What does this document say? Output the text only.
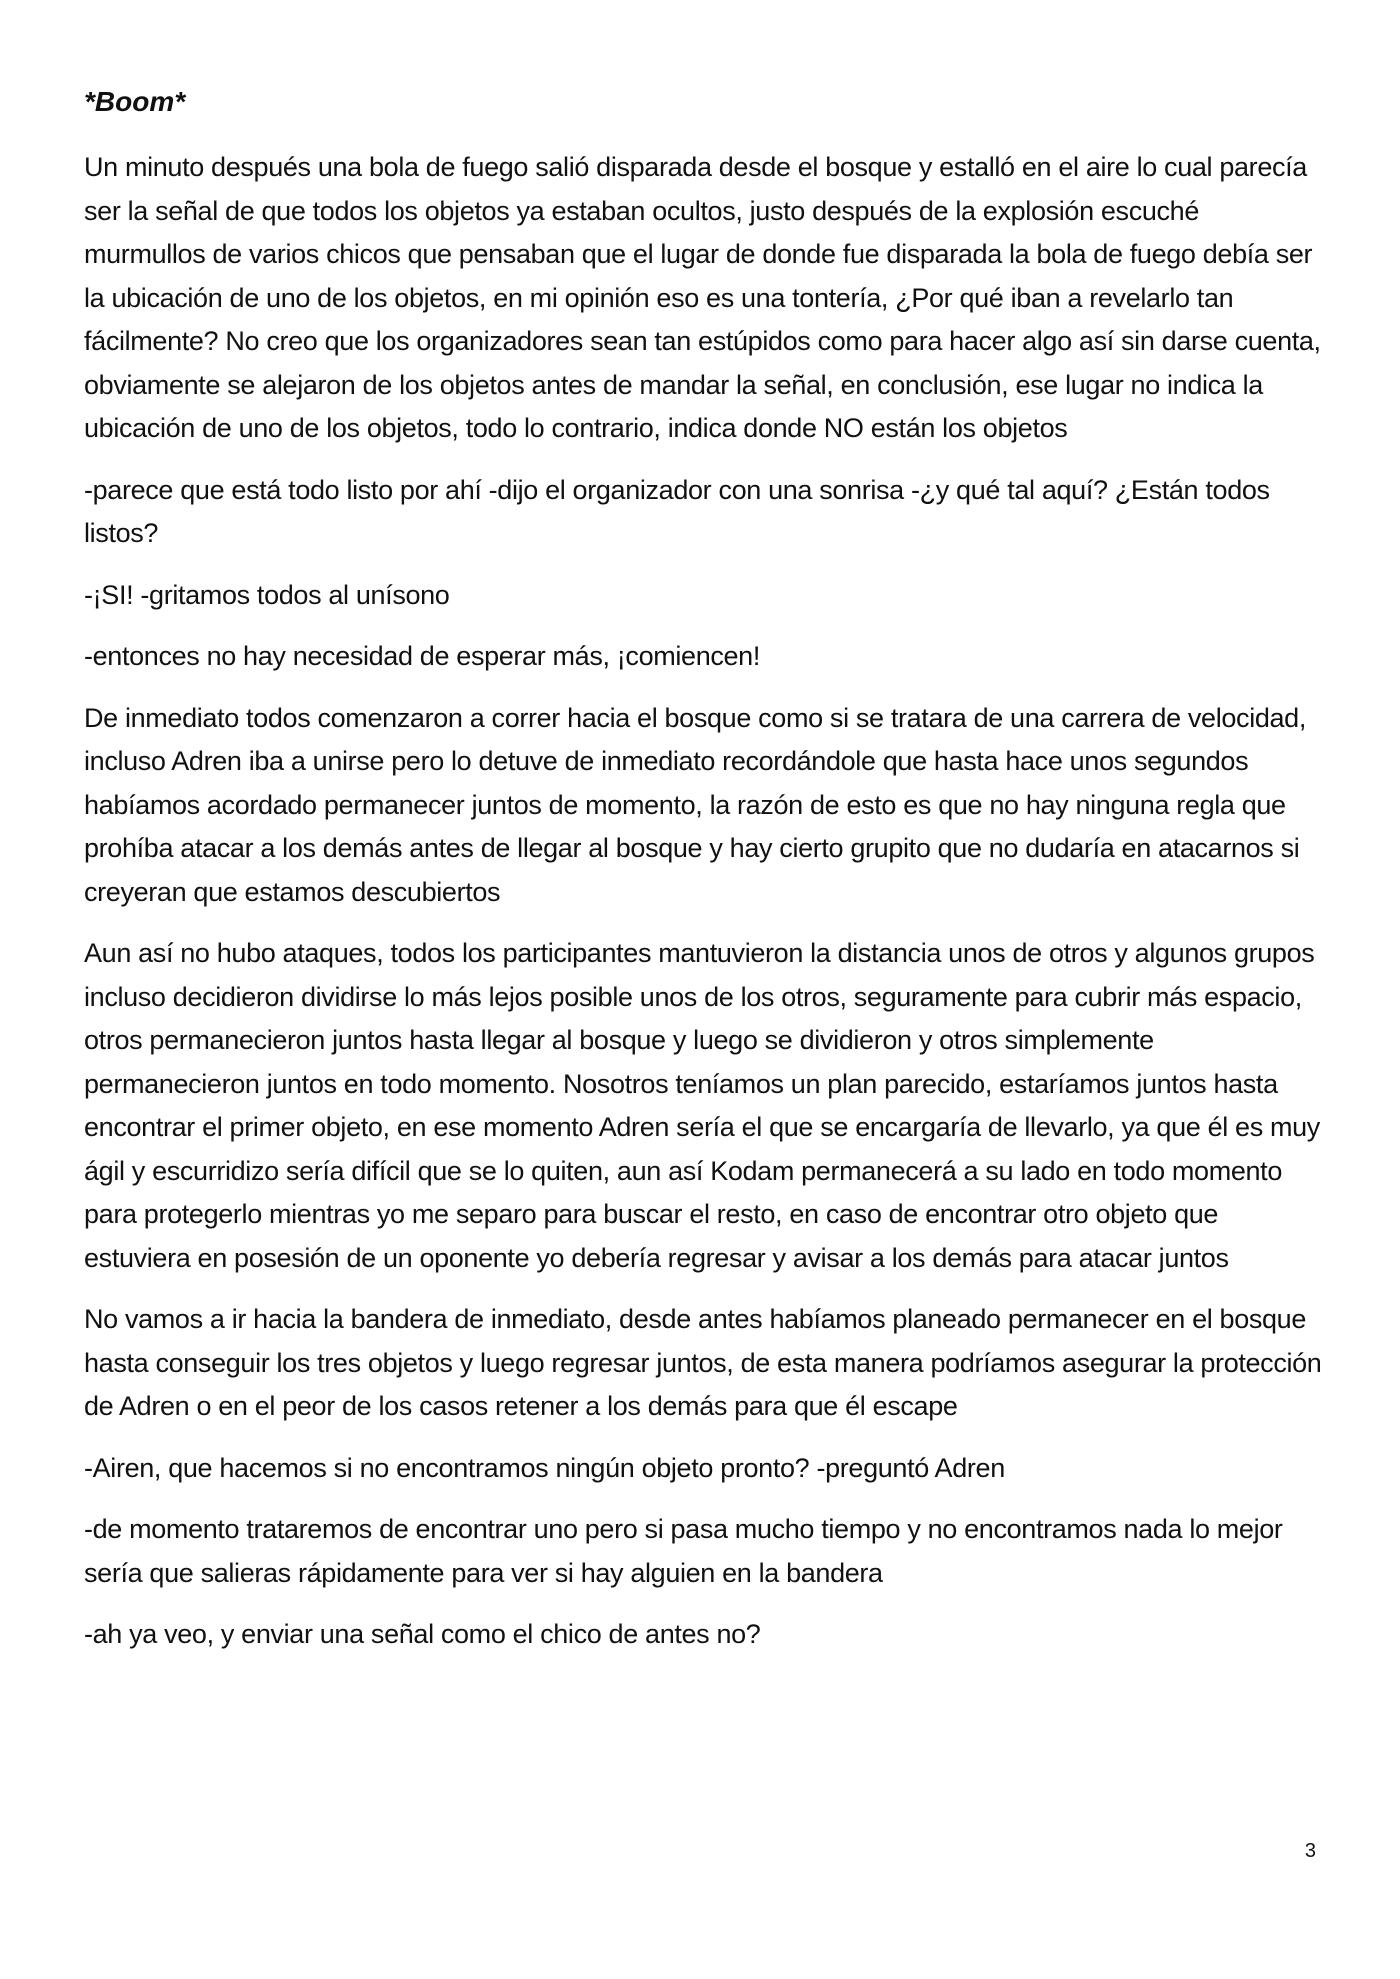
*Boom*

Un minuto después una bola de fuego salió disparada desde el bosque y estalló en el aire lo cual parecía ser la señal de que todos los objetos ya estaban ocultos, justo después de la explosión escuché murmullos de varios chicos que pensaban que el lugar de donde fue disparada la bola de fuego debía ser la ubicación de uno de los objetos, en mi opinión eso es una tontería, ¿Por qué iban a revelarlo tan fácilmente? No creo que los organizadores sean tan estúpidos como para hacer algo así sin darse cuenta, obviamente se alejaron de los objetos antes de mandar la señal, en conclusión, ese lugar no indica la ubicación de uno de los objetos, todo lo contrario, indica donde NO están los objetos

-parece que está todo listo por ahí -dijo el organizador con una sonrisa -¿y qué tal aquí? ¿Están todos listos?

-¡SI! -gritamos todos al unísono

-entonces no hay necesidad de esperar más, ¡comiencen!

De inmediato todos comenzaron a correr hacia el bosque como si se tratara de una carrera de velocidad, incluso Adren iba a unirse pero lo detuve de inmediato recordándole que hasta hace unos segundos habíamos acordado permanecer juntos de momento, la razón de esto es que no hay ninguna regla que prohíba atacar a los demás antes de llegar al bosque y hay cierto grupito que no dudaría en atacarnos si creyeran que estamos descubiertos

Aun así no hubo ataques, todos los participantes mantuvieron la distancia unos de otros y algunos grupos incluso decidieron dividirse lo más lejos posible unos de los otros, seguramente para cubrir más espacio, otros permanecieron juntos hasta llegar al bosque y luego se dividieron y otros simplemente permanecieron juntos en todo momento. Nosotros teníamos un plan parecido, estaríamos juntos hasta encontrar el primer objeto, en ese momento Adren sería el que se encargaría de llevarlo, ya que él es muy ágil y escurridizo sería difícil que se lo quiten, aun así Kodam permanecerá a su lado en todo momento para protegerlo mientras yo me separo para buscar el resto, en caso de encontrar otro objeto que estuviera en posesión de un oponente yo debería regresar y avisar a los demás para atacar juntos

No vamos a ir hacia la bandera de inmediato, desde antes habíamos planeado permanecer en el bosque hasta conseguir los tres objetos y luego regresar juntos, de esta manera podríamos asegurar la protección de Adren o en el peor de los casos retener a los demás para que él escape

-Airen, que hacemos si no encontramos ningún objeto pronto? -preguntó Adren

-de momento trataremos de encontrar uno pero si pasa mucho tiempo y no encontramos nada lo mejor sería que salieras rápidamente para ver si hay alguien en la bandera

-ah ya veo, y enviar una señal como el chico de antes no?

3
